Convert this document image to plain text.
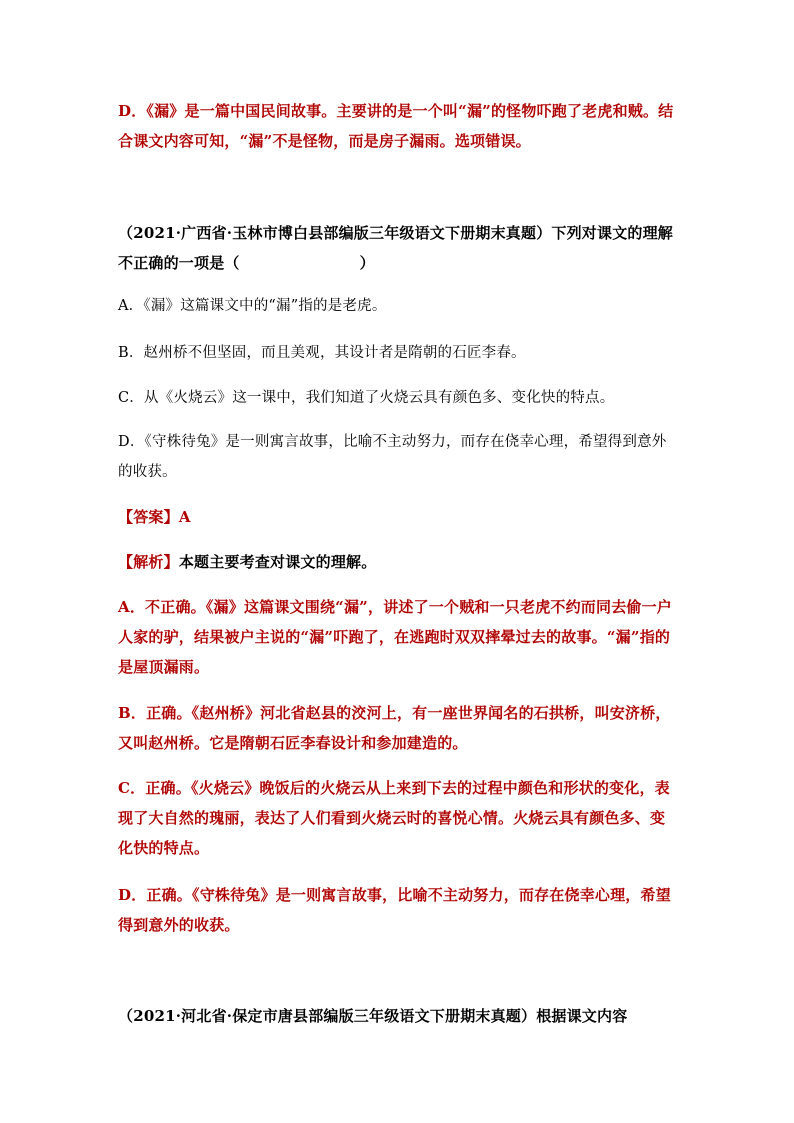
D．《漏》是一篇中国民间故事。主要讲的是一个叫“漏”的怪物吓跑了老虎和贼。结合课文内容可知，“漏”不是怪物，而是房子漏雨。选项错误。

（2021·广西省·玉林市博白县部编版三年级语文下册期末真题）下列对课文的理解不正确的一项是（	）

A．《漏》这篇课文中的“漏”指的是老虎。

B．赵州桥不但坚固，而且美观，其设计者是隋朝的石匠李春。

C．从《火烧云》这一课中，我们知道了火烧云具有颜色多、变化快的特点。

D．《守株待兔》是一则寓言故事，比喻不主动努力，而存在侥幸心理，希望得到意外的收获。

【答案】A

【解析】本题主要考查对课文的理解。

A．不正确。《漏》这篇课文围绕“漏”，讲述了一个贼和一只老虎不约而同去偷一户人家的驴，结果被户主说的“漏”吓跑了，在逃跑时双双摔晕过去的故事。“漏”指的是屋顶漏雨。

B．正确。《赵州桥》河北省赵县的洨河上，有一座世界闻名的石拱桥，叫安济桥，又叫赵州桥。它是隋朝石匠李春设计和参加建造的。

C．正确。《火烧云》晚饭后的火烧云从上来到下去的过程中颜色和形状的变化，表现了大自然的瑰丽，表达了人们看到火烧云时的喜悦心情。火烧云具有颜色多、变化快的特点。

D．正确。《守株待兔》是一则寓言故事，比喻不主动努力，而存在侥幸心理，希望得到意外的收获。

（2021·河北省·保定市唐县部编版三年级语文下册期末真题）根据课文内容
